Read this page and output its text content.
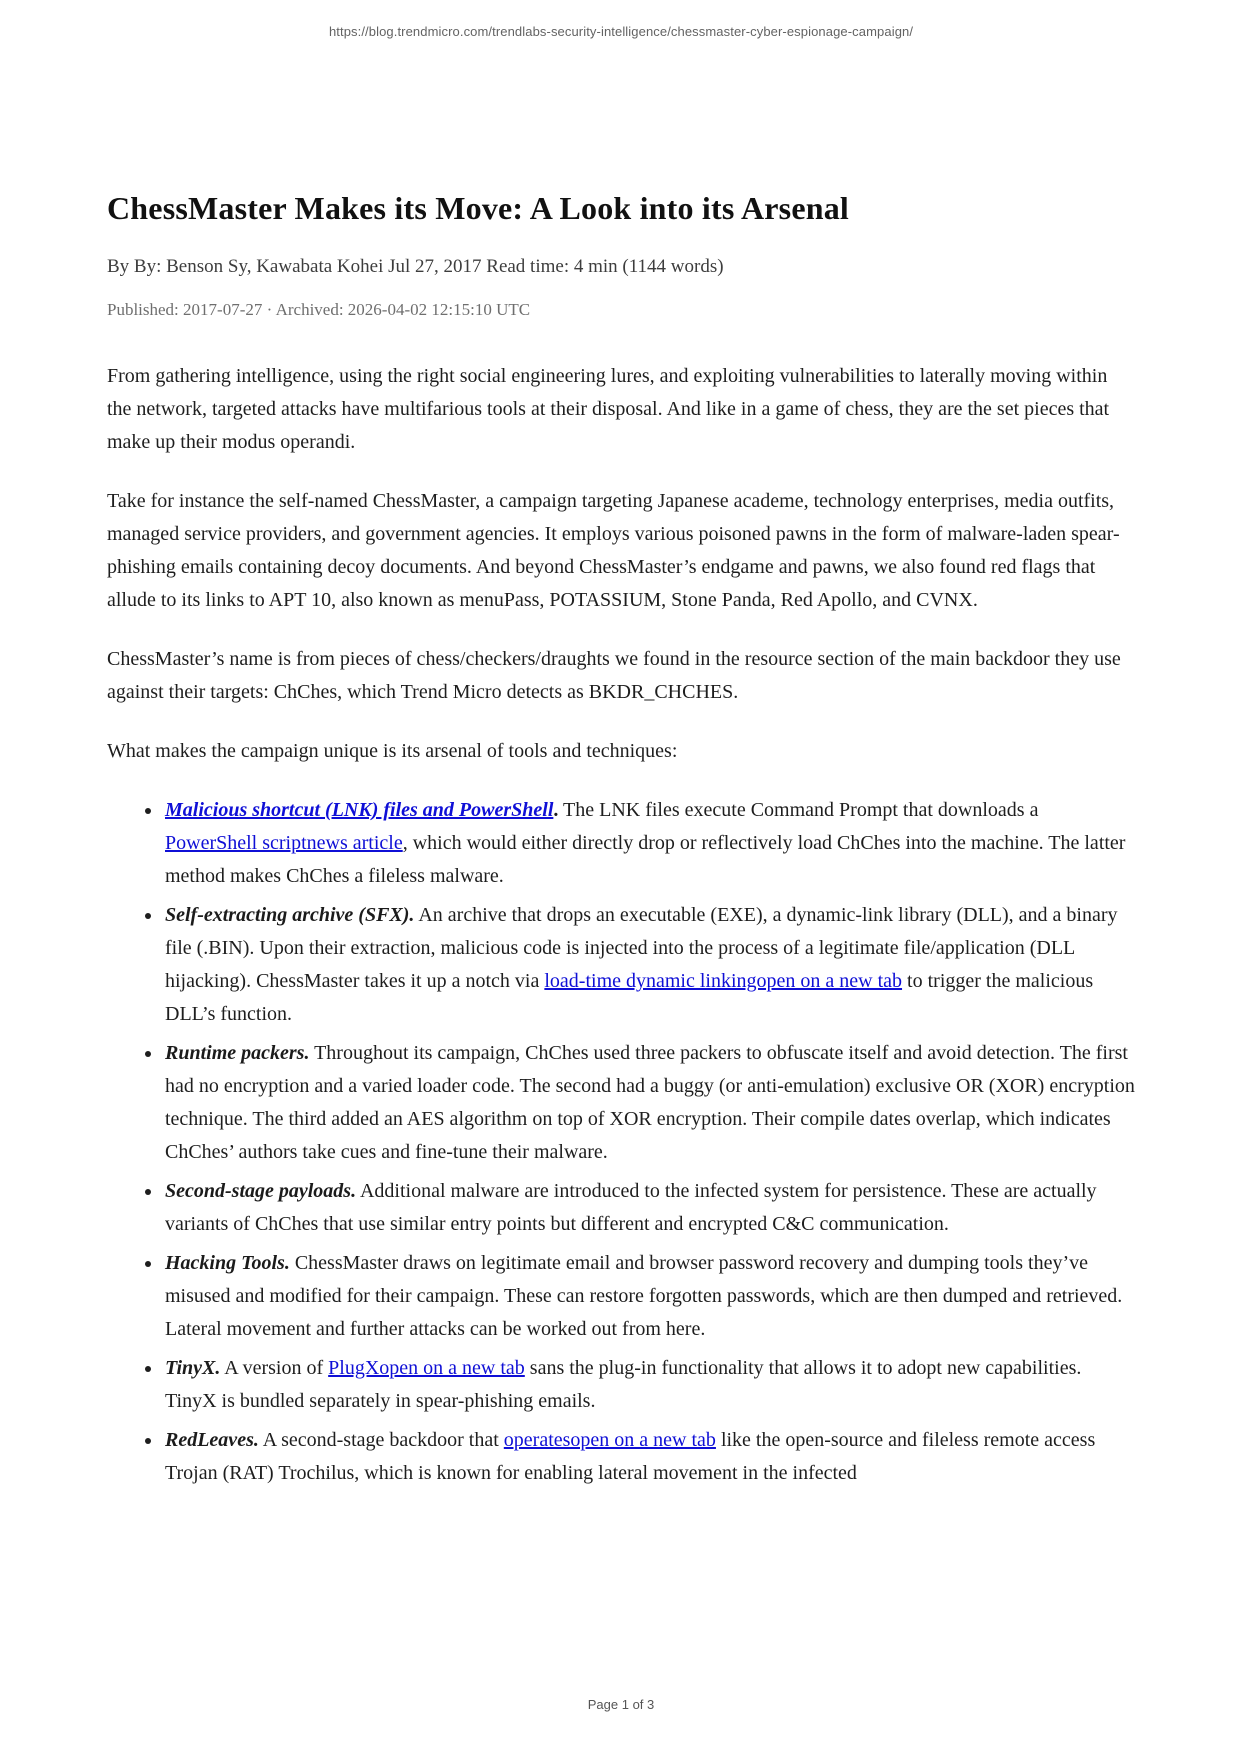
https://blog.trendmicro.com/trendlabs-security-intelligence/chessmaster-cyber-espionage-campaign/
ChessMaster Makes its Move: A Look into its Arsenal

By By: Benson Sy, Kawabata Kohei Jul 27, 2017 Read time: 4 min (1144 words)

Published: 2017-07-27 · Archived: 2026-04-02 12:15:10 UTC

From gathering intelligence, using the right social engineering lures, and exploiting vulnerabilities to laterally moving within the network, targeted attacks have multifarious tools at their disposal. And like in a game of chess, they are the set pieces that make up their modus operandi.

Take for instance the self-named ChessMaster, a campaign targeting Japanese academe, technology enterprises, media outfits, managed service providers, and government agencies. It employs various poisoned pawns in the form of malware-laden spear-phishing emails containing decoy documents. And beyond ChessMaster’s endgame and pawns, we also found red flags that allude to its links to APT 10, also known as menuPass, POTASSIUM, Stone Panda, Red Apollo, and CVNX.

ChessMaster’s name is from pieces of chess/checkers/draughts we found in the resource section of the main backdoor they use against their targets: ChChes, which Trend Micro detects as BKDR_CHCHES.

What makes the campaign unique is its arsenal of tools and techniques:

• Malicious shortcut (LNK) files and PowerShell. The LNK files execute Command Prompt that downloads a PowerShell scriptnews article, which would either directly drop or reflectively load ChChes into the machine. The latter method makes ChChes a fileless malware.
• Self-extracting archive (SFX). An archive that drops an executable (EXE), a dynamic-link library (DLL), and a binary file (.BIN). Upon their extraction, malicious code is injected into the process of a legitimate file/application (DLL hijacking). ChessMaster takes it up a notch via load-time dynamic linkingopen on a new tab to trigger the malicious DLL’s function.
• Runtime packers. Throughout its campaign, ChChes used three packers to obfuscate itself and avoid detection. The first had no encryption and a varied loader code. The second had a buggy (or anti-emulation) exclusive OR (XOR) encryption technique. The third added an AES algorithm on top of XOR encryption. Their compile dates overlap, which indicates ChChes’ authors take cues and fine-tune their malware.
• Second-stage payloads. Additional malware are introduced to the infected system for persistence. These are actually variants of ChChes that use similar entry points but different and encrypted C&C communication.
• Hacking Tools. ChessMaster draws on legitimate email and browser password recovery and dumping tools they’ve misused and modified for their campaign. These can restore forgotten passwords, which are then dumped and retrieved. Lateral movement and further attacks can be worked out from here.
• TinyX. A version of PlugXopen on a new tab sans the plug-in functionality that allows it to adopt new capabilities. TinyX is bundled separately in spear-phishing emails.
• RedLeaves. A second-stage backdoor that operatesopen on a new tab like the open-source and fileless remote access Trojan (RAT) Trochilus, which is known for enabling lateral movement in the infected
Page 1 of 3
